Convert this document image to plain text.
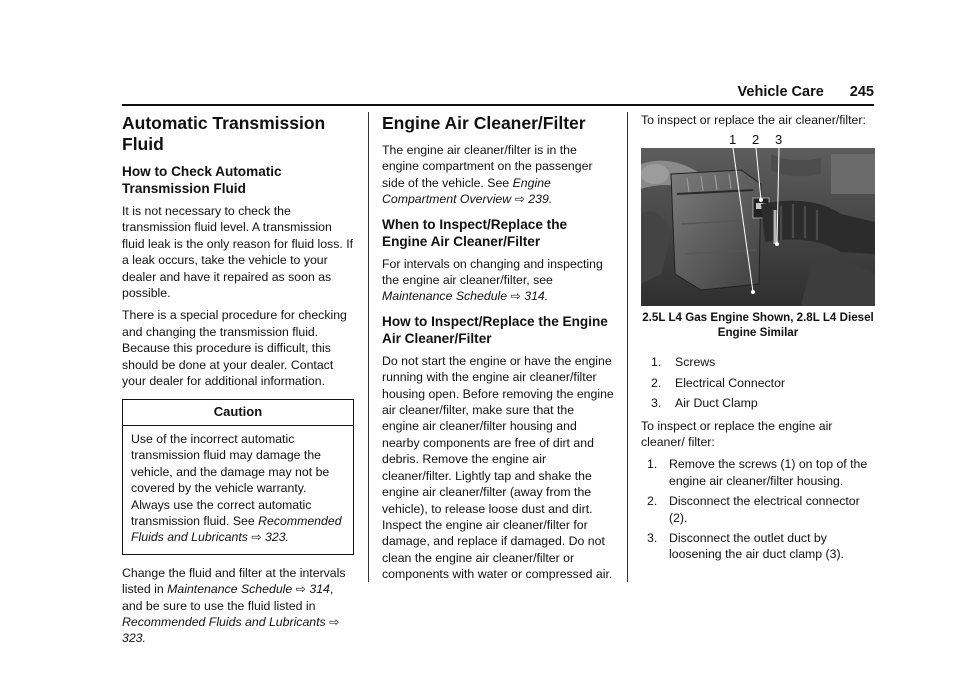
Vehicle Care 245
Automatic Transmission Fluid
How to Check Automatic Transmission Fluid

It is not necessary to check the transmission fluid level. A transmission fluid leak is the only reason for fluid loss. If a leak occurs, take the vehicle to your dealer and have it repaired as soon as possible.

There is a special procedure for checking and changing the transmission fluid. Because this procedure is difficult, this should be done at your dealer. Contact your dealer for additional information.

Caution
Use of the incorrect automatic transmission fluid may damage the vehicle, and the damage may not be covered by the vehicle warranty. Always use the correct automatic transmission fluid. See Recommended Fluids and Lubricants ⇨ 323.

Change the fluid and filter at the intervals listed in Maintenance Schedule ⇨ 314, and be sure to use the fluid listed in Recommended Fluids and Lubricants ⇨ 323.

Engine Air Cleaner/Filter

The engine air cleaner/filter is in the engine compartment on the passenger side of the vehicle. See Engine Compartment Overview ⇨ 239.

When to Inspect/Replace the Engine Air Cleaner/Filter

For intervals on changing and inspecting the engine air cleaner/filter, see Maintenance Schedule ⇨ 314.

How to Inspect/Replace the Engine Air Cleaner/Filter

Do not start the engine or have the engine running with the engine air cleaner/filter housing open. Before removing the engine air cleaner/filter, make sure that the engine air cleaner/filter housing and nearby components are free of dirt and debris. Remove the engine air cleaner/filter. Lightly tap and shake the engine air cleaner/filter (away from the vehicle), to release loose dust and dirt. Inspect the engine air cleaner/filter for damage, and replace if damaged. Do not clean the engine air cleaner/filter or components with water or compressed air.

To inspect or replace the air cleaner/filter:

1 2 3
2.5L L4 Gas Engine Shown, 2.8L L4 Diesel
Engine Similar
1.	Screws
2.	Electrical Connector
3.	Air Duct Clamp

To inspect or replace the engine air cleaner/ filter:

1. Remove the screws (1) on top of the engine air cleaner/filter housing.
2. Disconnect the electrical connector (2).
3. Disconnect the outlet duct by loosening the air duct clamp (3).
